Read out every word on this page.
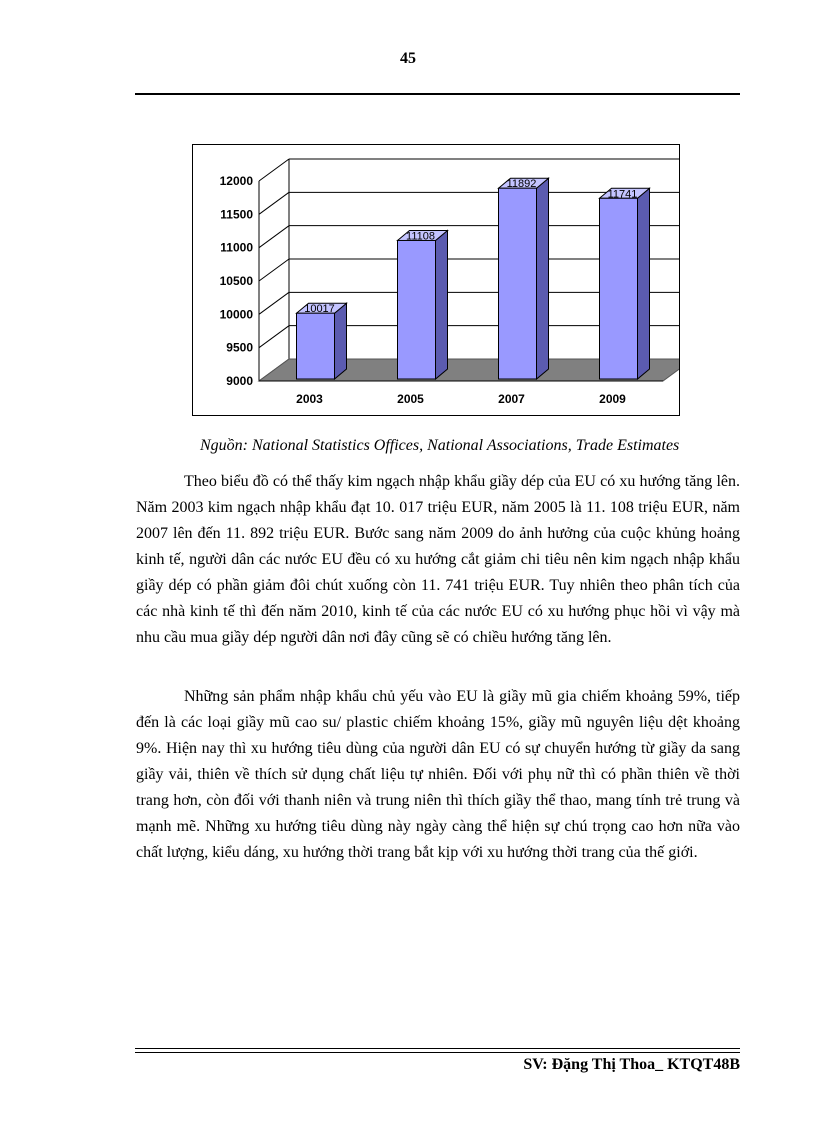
45
9000
9500
10000
10500
11000
11500
12000
10017
2003
11108
2005
11892
2007
11741
2009
Nguồn: National Statistics Offices, National Associations, Trade Estimates

Theo biểu đồ có thể thấy kim ngạch nhập khẩu giầy dép của EU có xu hướng tăng lên. Năm 2003 kim ngạch nhập khẩu đạt 10. 017 triệu EUR, năm 2005 là 11. 108 triệu EUR, năm 2007 lên đến 11. 892 triệu EUR. Bước sang năm 2009 do ảnh hưởng của cuộc khủng hoảng kinh tế, người dân các nước EU đều có xu hướng cắt giảm chi tiêu nên kim ngạch nhập khẩu giầy dép có phần giảm đôi chút xuống còn 11. 741 triệu EUR. Tuy nhiên theo phân tích của các nhà kinh tế thì đến năm 2010, kinh tế của các nước EU có xu hướng phục hồi vì vậy mà nhu cầu mua giầy dép người dân nơi đây cũng sẽ có chiều hướng tăng lên.

Những sản phẩm nhập khẩu chủ yếu vào EU là giầy mũ gia chiếm khoảng 59%, tiếp đến là các loại giầy mũ cao su/ plastic chiếm khoảng 15%, giầy mũ nguyên liệu dệt khoảng 9%. Hiện nay thì xu hướng tiêu dùng của người dân EU có sự chuyển hướng từ giầy da sang giầy vải, thiên về thích sử dụng chất liệu tự nhiên. Đối với phụ nữ thì có phần thiên về thời trang hơn, còn đối với thanh niên và trung niên thì thích giầy thể thao, mang tính trẻ trung và mạnh mẽ. Những xu hướng tiêu dùng này ngày càng thể hiện sự chú trọng cao hơn nữa vào chất lượng, kiểu dáng, xu hướng thời trang bắt kịp với xu hướng thời trang của thế giới.

SV: Đặng Thị Thoa_ KTQT48B
